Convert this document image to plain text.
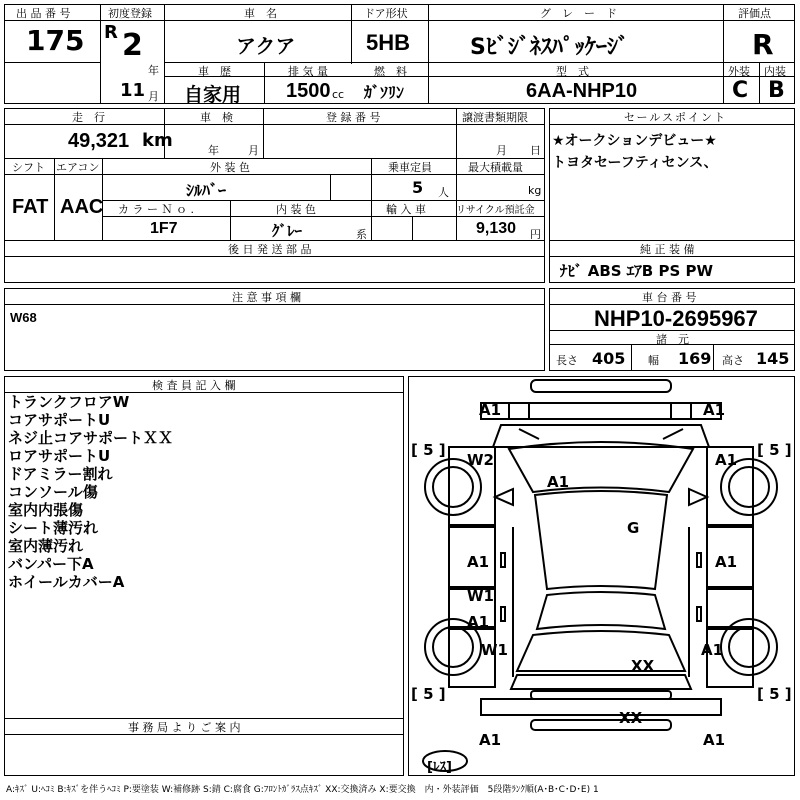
出 品 番 号
175
初度登録
R 2
年
11 月
車　名
アクア
ドア形状
5HB
グ　レ　ー　ド
Sﾋﾞｼﾞﾈｽﾊﾟｯｹｰｼﾞ
評価点
R
車　歴
自家用
排 気 量
1500 cc
燃　料
ｶﾞｿﾘﾝ
型　式
6AA-NHP10
外装
C
内装
B
走　行
49,321 km
車　検
年	月
登 録 番 号	譲渡書類期限
月 日
シフト
FAT
エアコン
AAC
外 装 色
ｼﾙﾊﾞｰ
乗車定員
5 人
最大積載量
kg
カ ラ ー Ｎ ｏ .
1F7
内 装 色
ｸﾞﾚｰ	系
輸 入 車	リサイクル預託金
9,130 円
後 日 発 送 部 品
セールスポイント
★オークションデビュー★
トヨタセーフティセンス、
純 正 装 備
ﾅﾋﾞ ABS ｴｱB PS PW
注 意 事 項 欄
W68
車 台 番 号
NHP10-2695967
諸　元
長さ 405 幅 169 高さ 145
検 査 員 記 入 欄
トランクフロアW
コアサポートU
ネジ止コアサポートＸＸ
ロアサポートU
ドアミラー割れ
コンソール傷
室内内張傷
シート薄汚れ
室内薄汚れ
バンパー下A
ホイールカバーA
事 務 局 よ り ご 案 内
A1	A1
W2	A1
A1
G
A1	A1
W1
A1
W1	A1
XX
XX
A1	A1
[ 5 ]	[ 5 ]
[ 5 ]	[ 5 ]
[ﾚｽ]
A:ｷｽﾞ U:ﾍｺﾐ B:ｷｽﾞを伴うﾍｺﾐ P:要塗装 W:補修跡 S:錆 C:腐食 G:ﾌﾛﾝﾄｶﾞﾗｽ点ｷｽﾞ XX:交換済み X:要交換　内・外装評価　5段階ﾗﾝｸ順(A･B･C･D･E) 1
